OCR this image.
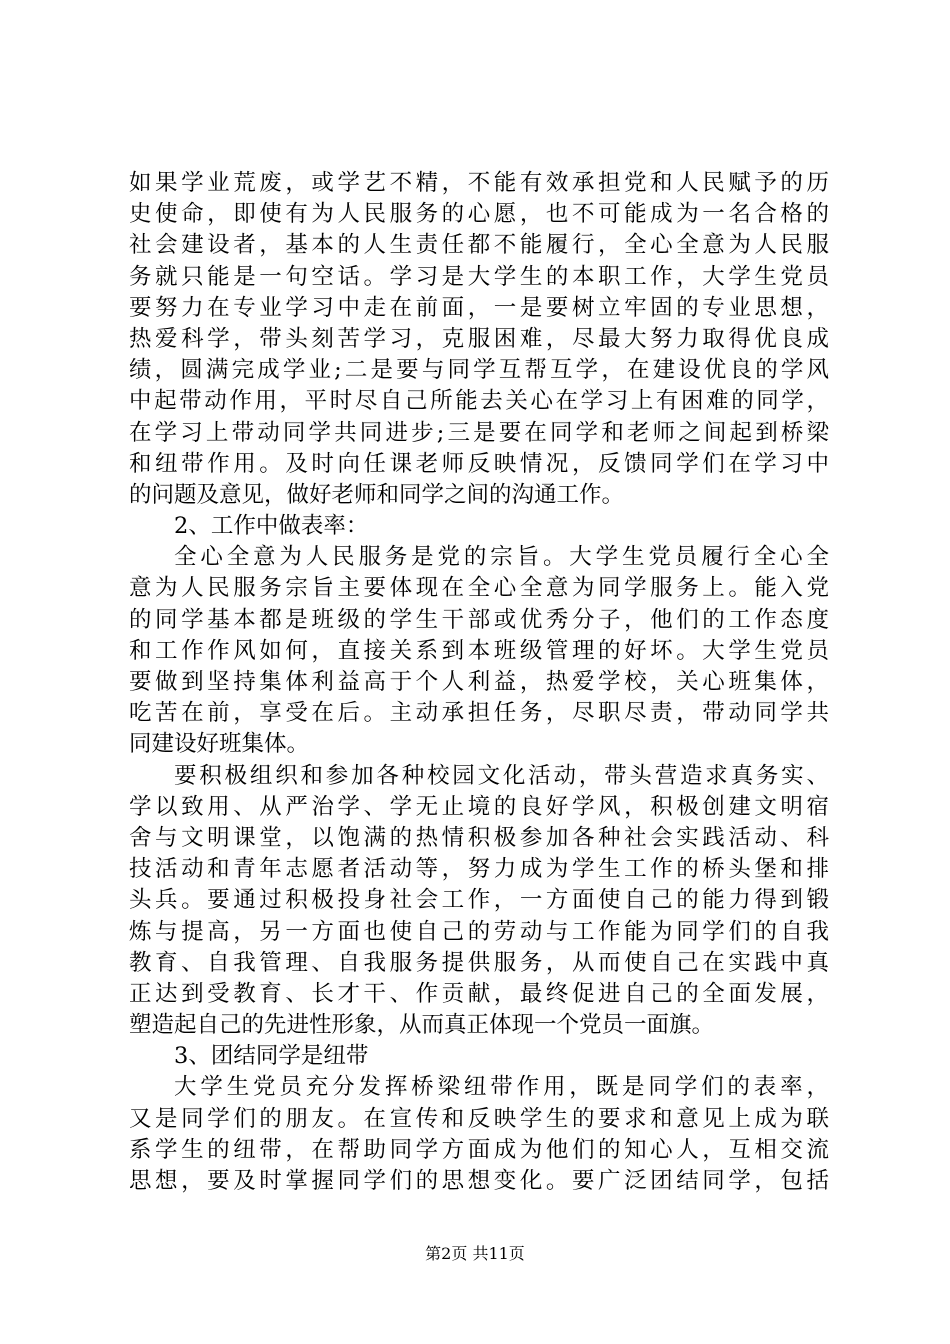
如果学业荒废，或学艺不精，不能有效承担党和人民赋予的历
史使命，即使有为人民服务的心愿，也不可能成为一名合格的
社会建设者，基本的人生责任都不能履行，全心全意为人民服
务就只能是一句空话。学习是大学生的本职工作，大学生党员
要努力在专业学习中走在前面，一是要树立牢固的专业思想，
热爱科学，带头刻苦学习，克服困难，尽最大努力取得优良成
绩，圆满完成学业;二是要与同学互帮互学，在建设优良的学风
中起带动作用，平时尽自己所能去关心在学习上有困难的同学，
在学习上带动同学共同进步;三是要在同学和老师之间起到桥梁
和纽带作用。及时向任课老师反映情况，反馈同学们在学习中
的问题及意见，做好老师和同学之间的沟通工作。
2、工作中做表率：
全心全意为人民服务是党的宗旨。大学生党员履行全心全
意为人民服务宗旨主要体现在全心全意为同学服务上。能入党
的同学基本都是班级的学生干部或优秀分子，他们的工作态度
和工作作风如何，直接关系到本班级管理的好坏。大学生党员
要做到坚持集体利益高于个人利益，热爱学校，关心班集体，
吃苦在前，享受在后。主动承担任务，尽职尽责，带动同学共
同建设好班集体。
要积极组织和参加各种校园文化活动，带头营造求真务实、
学以致用、从严治学、学无止境的良好学风，积极创建文明宿
舍与文明课堂，以饱满的热情积极参加各种社会实践活动、科
技活动和青年志愿者活动等，努力成为学生工作的桥头堡和排
头兵。要通过积极投身社会工作，一方面使自己的能力得到锻
炼与提高，另一方面也使自己的劳动与工作能为同学们的自我
教育、自我管理、自我服务提供服务，从而使自己在实践中真
正达到受教育、长才干、作贡献，最终促进自己的全面发展，
塑造起自己的先进性形象，从而真正体现一个党员一面旗。
3、团结同学是纽带
大学生党员充分发挥桥梁纽带作用，既是同学们的表率，
又是同学们的朋友。在宣传和反映学生的要求和意见上成为联
系学生的纽带，在帮助同学方面成为他们的知心人，互相交流
思想，要及时掌握同学们的思想变化。要广泛团结同学，包括
第2页 共11页
